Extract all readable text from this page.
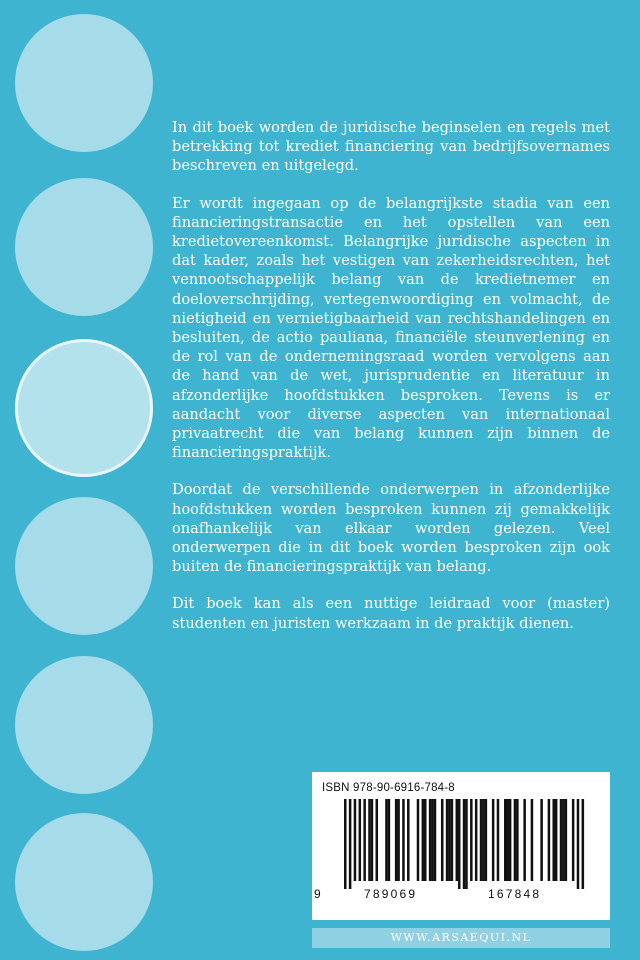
In dit boek worden de juridische beginselen en regels met betrekking tot krediet financiering van bedrijfsovernames beschreven en uitgelegd.

Er wordt ingegaan op de belangrijkste stadia van een financieringstransactie en het opstellen van een kredietovereenkomst. Belangrijke juridische aspecten in dat kader, zoals het vestigen van zekerheidsrechten, het vennootschappelijk belang van de kredietnemer en doeloverschrijding, vertegenwoordiging en volmacht, de nietigheid en vernietigbaarheid van rechtshandelingen en besluiten, de actio pauliana, financiële steunverlening en de rol van de ondernemingsraad worden vervolgens aan de hand van de wet, jurisprudentie en literatuur in afzonderlijke hoofdstukken besproken. Tevens is er aandacht voor diverse aspecten van internationaal privaatrecht die van belang kunnen zijn binnen de financieringspraktijk.

Doordat de verschillende onderwerpen in afzonderlijke hoofdstukken worden besproken kunnen zij gemakkelijk onafhankelijk van elkaar worden gelezen. Veel onderwerpen die in dit boek worden besproken zijn ook buiten de financieringspraktijk van belang.

Dit boek kan als een nuttige leidraad voor (master) studenten en juristen werkzaam in de praktijk dienen.

ISBN 978-90-6916-784-8
9	789069	167848
WWW.ARSAEQUI.NL
